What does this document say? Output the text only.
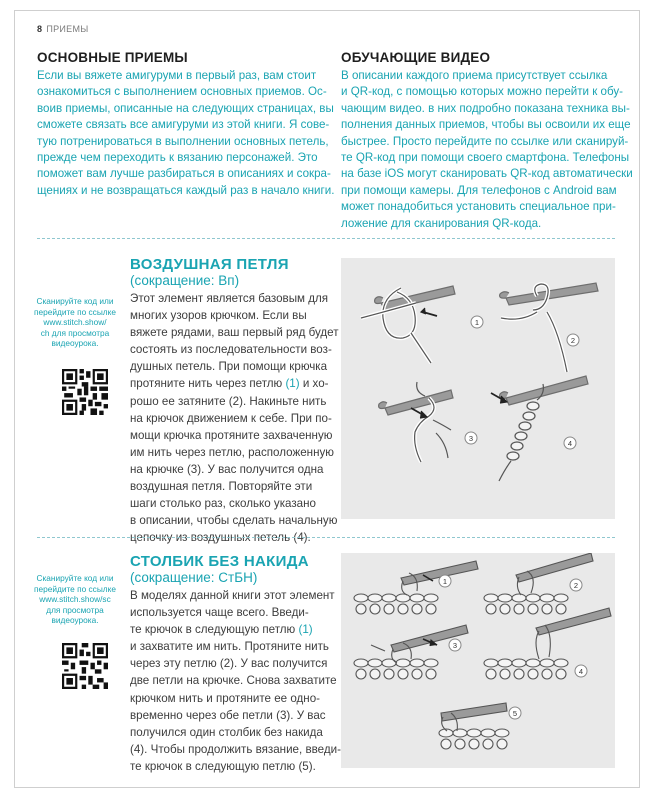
8 ПРИЕМЫ
ОСНОВНЫЕ ПРИЕМЫ
Если вы вяжете амигуруми в первый раз, вам стоит
ознакомиться с выполнением основных приемов. Ос-
воив приемы, описанные на следующих страницах, вы
сможете связать все амигуруми из этой книги. Я сове-
тую потренироваться в выполнении основных петель,
прежде чем переходить к вязанию персонажей. Это
поможет вам лучше разбираться в описаниях и сокра-
щениях и не возвращаться каждый раз в начало книги.
ОБУЧАЮЩИЕ ВИДЕО
В описании каждого приема присутствует ссылка
и QR-код, с помощью которых можно перейти к обу-
чающим видео. в них подробно показана техника вы-
полнения данных приемов, чтобы вы освоили их еще
быстрее. Просто перейдите по ссылке или сканируй-
те QR-код при помощи своего смартфона. Телефоны
на базе iOS могут сканировать QR-код автоматически
при помощи камеры. Для телефонов с Android вам
может понадобиться установить специальное при-
ложение для сканирования QR-кода.
Сканируйте код или
перейдите по ссылке
www.stitch.show/
ch для просмотра
видеоурока.
ВОЗДУШНАЯ ПЕТЛЯ
(сокращение: Вп)
Этот элемент является базовым для
многих узоров крючком. Если вы
вяжете рядами, ваш первый ряд будет
состоять из последовательности воз-
душных петель. При помощи крючка
протяните нить через петлю (1) и хо-
рошо ее затяните (2). Накиньте нить
на крючок движением к себе. При по-
мощи крючка протяните захваченную
им нить через петлю, расположенную
на крючке (3). У вас получится одна
воздушная петля. Повторяйте эти
шаги столько раз, сколько указано
в описании, чтобы сделать начальную
цепочку из воздушных петель (4).
1
2
3
4
Сканируйте код или
перейдите по ссылке
www.stitch.show/sc
для просмотра
видеоурока.
СТОЛБИК БЕЗ НАКИДА
(сокращение: СтБН)
В моделях данной книги этот элемент
используется чаще всего. Введи-
те крючок в следующую петлю (1)
и захватите им нить. Протяните нить
через эту петлю (2). У вас получится
две петли на крючке. Снова захватите
крючком нить и протяните ее одно-
временно через обе петли (3). У вас
получился один столбик без накида
(4). Чтобы продолжить вязание, введи-
те крючок в следующую петлю (5).
1	2
3
4
5
